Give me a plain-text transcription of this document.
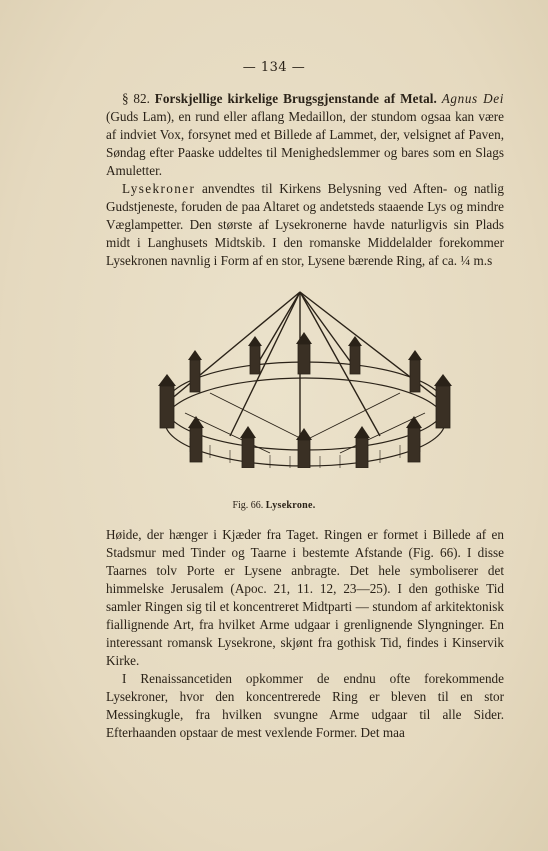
— 134 —

§ 82. Forskjellige kirkelige Brugsgjenstande af Metal. Agnus Dei (Guds Lam), en rund eller aflang Medaillon, der stundom ogsaa kan være af indviet Vox, forsynet med et Billede af Lammet, der, velsignet af Paven, Søndag efter Paaske uddeltes til Menighedslemmer og bares som en Slags Amuletter.

Lysekroner anvendtes til Kirkens Belysning ved Aften- og natlig Gudstjeneste, foruden de paa Altaret og andetsteds staaende Lys og mindre Væglampetter. Den største af Lysekronerne havde naturligvis sin Plads midt i Langhusets Midtskib. I den romanske Middelalder forekommer Lysekronen navnlig i Form af en stor, Lysene bærende Ring, af ca. ¼ m.s

Fig. 66. Lysekrone.

Høide, der hænger i Kjæder fra Taget. Ringen er formet i Billede af en Stadsmur med Tinder og Taarne i bestemte Afstande (Fig. 66). I disse Taarnes tolv Porte er Lysene anbragte. Det hele symboliserer det himmelske Jerusalem (Apoc. 21, 11. 12, 23—25). I den gothiske Tid samler Ringen sig til et koncentreret Midtparti — stundom af arkitektonisk fiallignende Art, fra hvilket Arme udgaar i grenlignende Slyngninger. En interessant romansk Lysekrone, skjønt fra gothisk Tid, findes i Kinservik Kirke.

I Renaissancetiden opkommer de endnu ofte forekommende Lysekroner, hvor den koncentrerede Ring er bleven til en stor Messingkugle, fra hvilken svungne Arme udgaar til alle Sider. Efterhaanden opstaar de mest vexlende Former. Det maa
